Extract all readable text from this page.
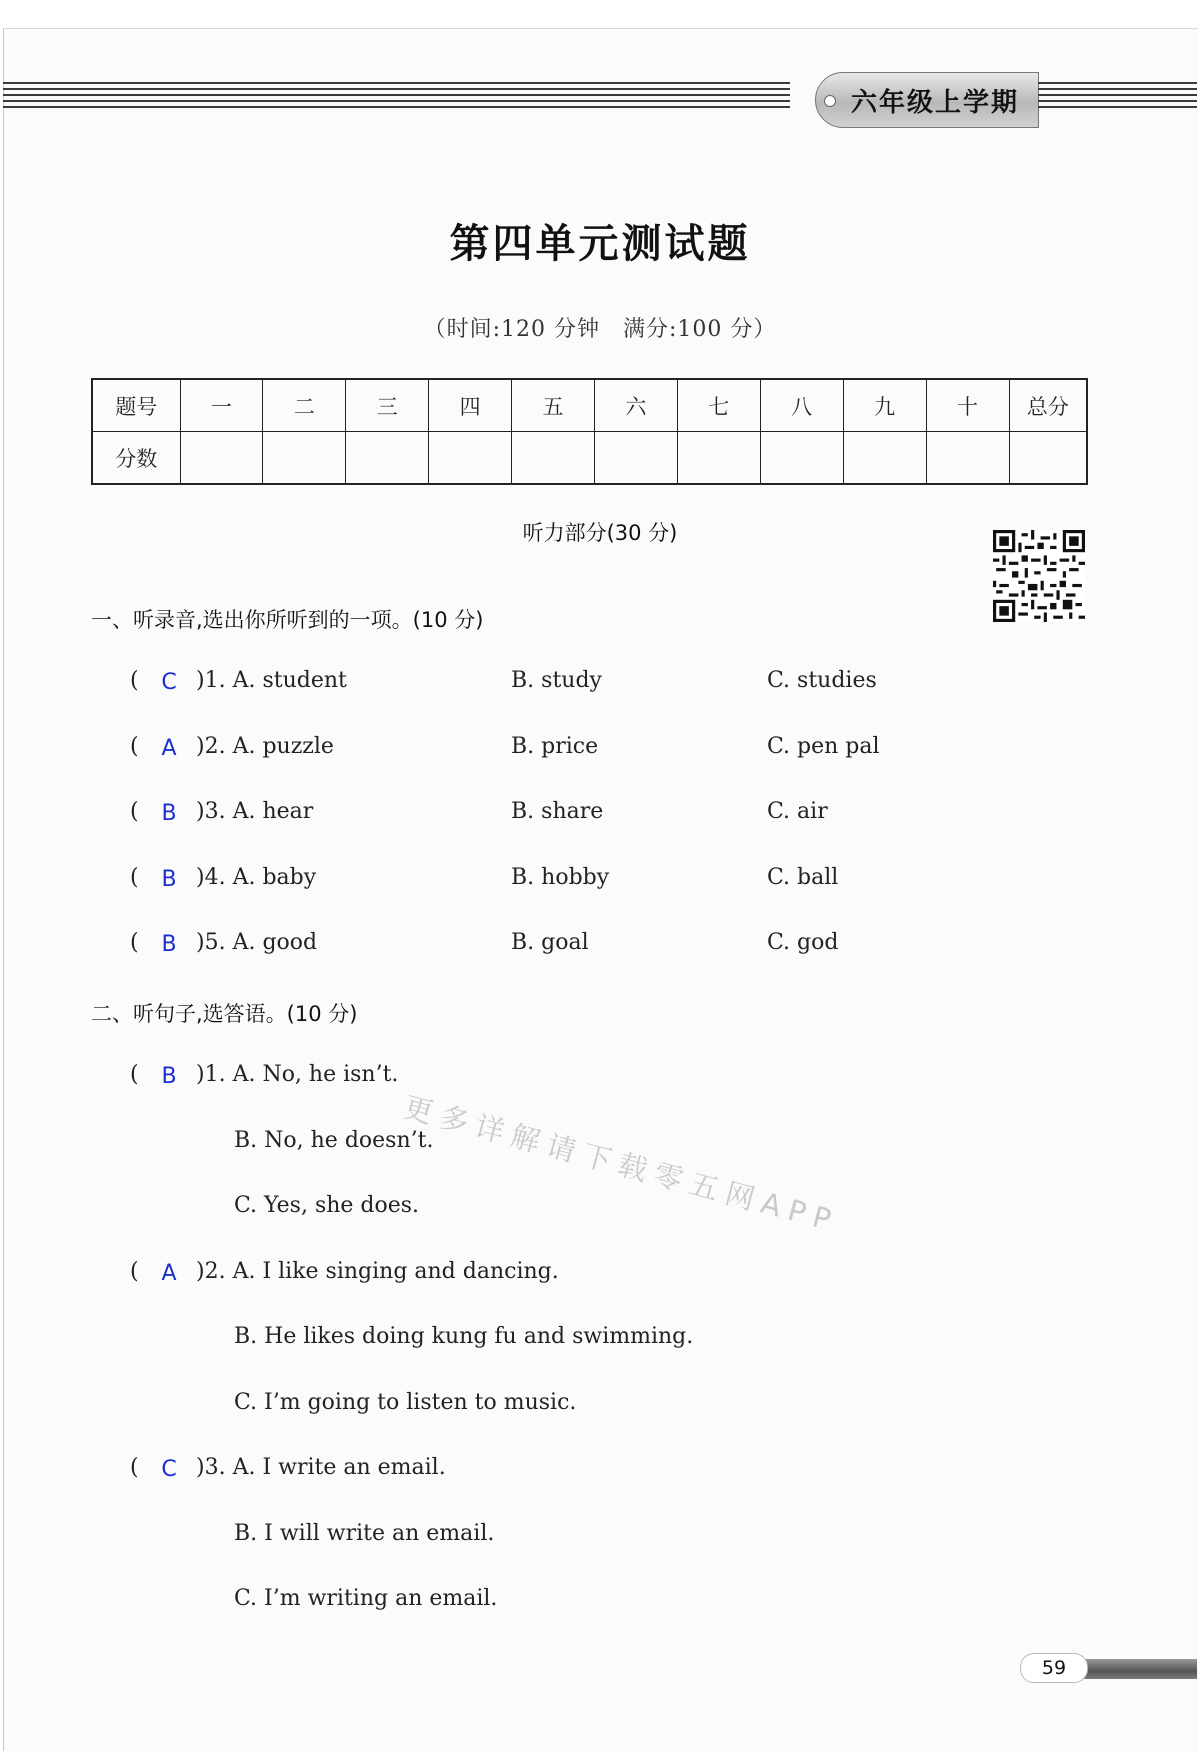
六年级上学期
第四单元测试题
（时间:120 分钟　满分:100 分）
题号	一	二	三	四	五	六	七	八	九	十	总分
分数											
听力部分(30 分)
一、听录音,选出你所听到的一项。(10 分)
(	C )1. A. student	B. study	C. studies
(	A )2. A. puzzle	B. price	C. pen pal
(	B )3. A. hear	B. share	C. air
(	B )4. A. baby	B. hobby	C. ball
(	B )5. A. good	B. goal	C. god
二、听句子,选答语。(10 分)
(	B )1. A. No, he isn’t.
B. No, he doesn’t.
C. Yes, she does.
(	A )2. A. I like singing and dancing.
B. He likes doing kung fu and swimming.
C. I’m going to listen to music.
(	C )3. A. I write an email.
B. I will write an email.
C. I’m writing an email.
更多详解请下载零五网APP
59
